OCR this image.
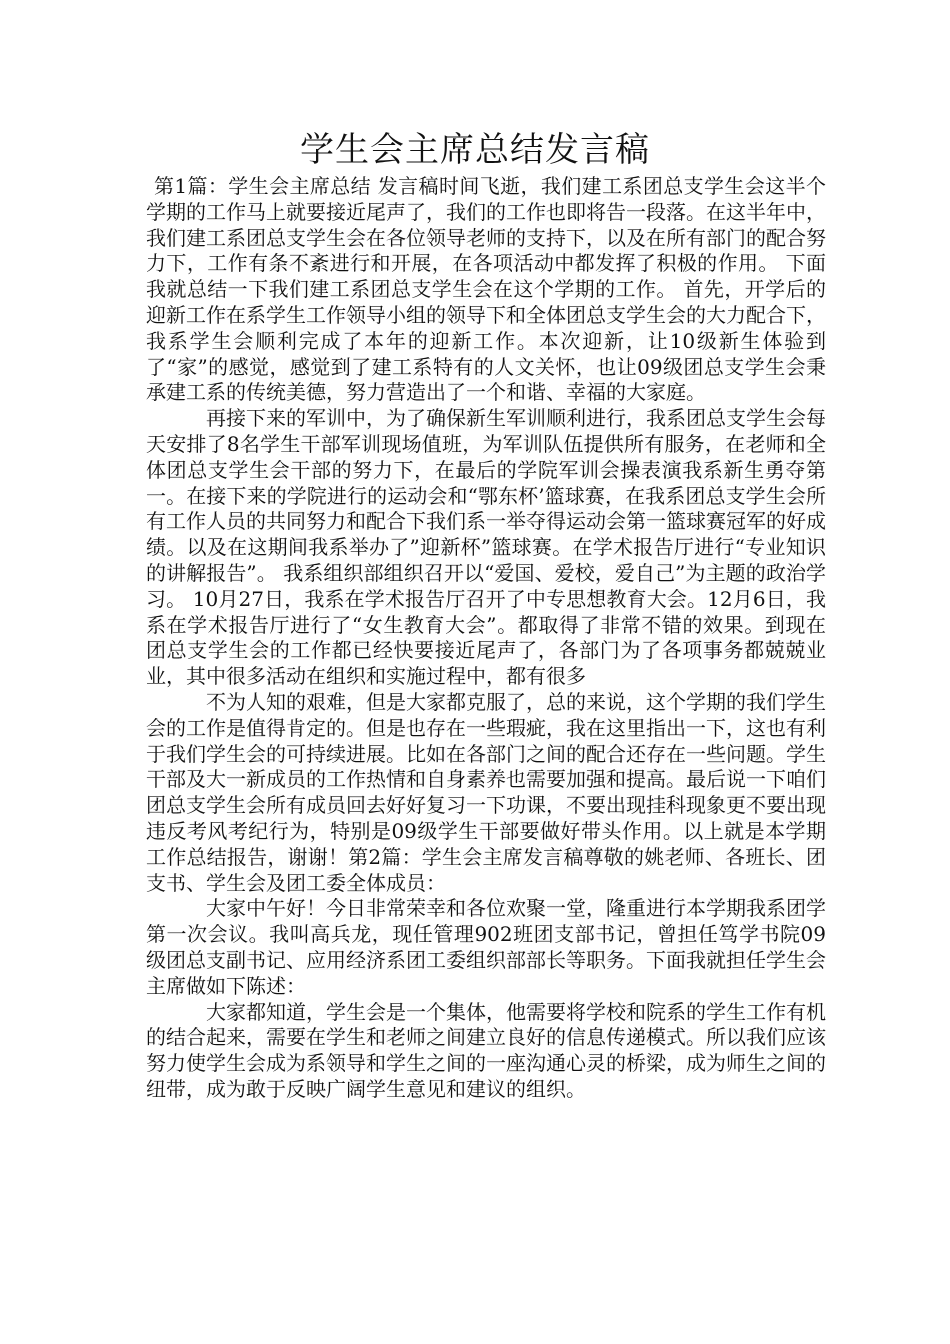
学生会主席总结发言稿

第1篇：学生会主席总结 发言稿时间飞逝，我们建工系团总支学生会这半个学期的工作马上就要接近尾声了，我们的工作也即将告一段落。在这半年中，我们建工系团总支学生会在各位领导老师的支持下，以及在所有部门的配合努力下，工作有条不紊进行和开展，在各项活动中都发挥了积极的作用。 下面我就总结一下我们建工系团总支学生会在这个学期的工作。 首先，开学后的迎新工作在系学生工作领导小组的领导下和全体团总支学生会的大力配合下，我系学生会顺利完成了本年的迎新工作。本次迎新，让10级新生体验到了“家”的感觉，感觉到了建工系特有的人文关怀，也让09级团总支学生会秉承建工系的传统美德，努力营造出了一个和谐、幸福的大家庭。

再接下来的军训中，为了确保新生军训顺利进行，我系团总支学生会每天安排了8名学生干部军训现场值班，为军训队伍提供所有服务，在老师和全体团总支学生会干部的努力下，在最后的学院军训会操表演我系新生勇夺第一。在接下来的学院进行的运动会和“鄂东杯’篮球赛，在我系团总支学生会所有工作人员的共同努力和配合下我们系一举夺得运动会第一篮球赛冠军的好成绩。以及在这期间我系举办了”迎新杯”篮球赛。在学术报告厅进行“专业知识的讲解报告”。 我系组织部组织召开以“爱国、爱校，爱自己”为主题的政治学习。 10月27日，我系在学术报告厅召开了中专思想教育大会。12月6日，我系在学术报告厅进行了“女生教育大会”。都取得了非常不错的效果。到现在团总支学生会的工作都已经快要接近尾声了，各部门为了各项事务都兢兢业业，其中很多活动在组织和实施过程中，都有很多

不为人知的艰难，但是大家都克服了，总的来说，这个学期的我们学生会的工作是值得肯定的。但是也存在一些瑕疵，我在这里指出一下，这也有利于我们学生会的可持续进展。比如在各部门之间的配合还存在一些问题。学生干部及大一新成员的工作热情和自身素养也需要加强和提高。最后说一下咱们团总支学生会所有成员回去好好复习一下功课，不要出现挂科现象更不要出现违反考风考纪行为，特别是09级学生干部要做好带头作用。以上就是本学期工作总结报告，谢谢！第2篇：学生会主席发言稿尊敬的姚老师、各班长、团支书、学生会及团工委全体成员：

大家中午好！今日非常荣幸和各位欢聚一堂，隆重进行本学期我系团学第一次会议。我叫高兵龙，现任管理902班团支部书记，曾担任笃学书院09级团总支副书记、应用经济系团工委组织部部长等职务。下面我就担任学生会主席做如下陈述：

大家都知道，学生会是一个集体，他需要将学校和院系的学生工作有机的结合起来，需要在学生和老师之间建立良好的信息传递模式。所以我们应该努力使学生会成为系领导和学生之间的一座沟通心灵的桥梁，成为师生之间的纽带，成为敢于反映广阔学生意见和建议的组织。
